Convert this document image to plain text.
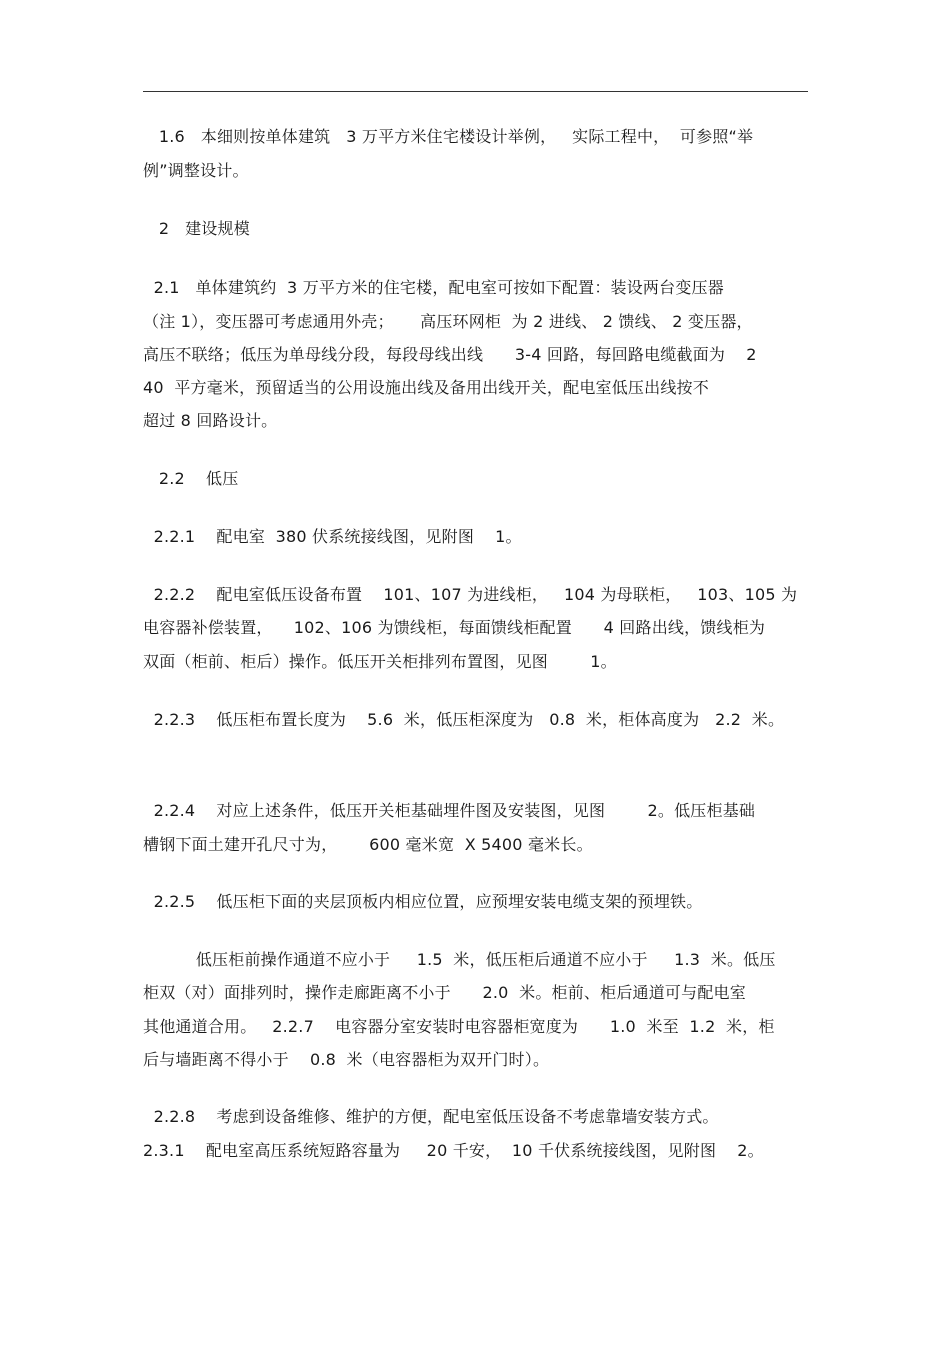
1.6   本细则按单体建筑   3 万平方米住宅楼设计举例，   实际工程中，  可参照“举
例”调整设计。
2   建设规模
2.1   单体建筑约  3 万平方米的住宅楼，配电室可按如下配置：装设两台变压器
（注 1），变压器可考虑通用外壳；     高压环网柜  为 2 进线、 2 馈线、 2 变压器，
高压不联络；低压为单母线分段，每段母线出线      3-4 回路，每回路电缆截面为    2
40  平方毫米，预留适当的公用设施出线及备用出线开关，配电室低压出线按不
超过 8 回路设计。
2.2    低压
2.2.1    配电室  380 伏系统接线图，见附图    1。
2.2.2    配电室低压设备布置    101、107 为进线柜，   104 为母联柜，   103、105 为
电容器补偿装置，    102、106 为馈线柜，每面馈线柜配置      4 回路出线，馈线柜为
双面（柜前、柜后）操作。低压开关柜排列布置图，见图        1。
2.2.3    低压柜布置长度为    5.6  米，低压柜深度为   0.8  米，柜体高度为   2.2  米。
2.2.4    对应上述条件，低压开关柜基础埋件图及安装图，见图        2。低压柜基础
槽钢下面土建开孔尺寸为，      600 毫米宽  X 5400 毫米长。
2.2.5    低压柜下面的夹层顶板内相应位置，应预埋安装电缆支架的预埋铁。
低压柜前操作通道不应小于     1.5  米，低压柜后通道不应小于     1.3  米。低压
柜双（对）面排列时，操作走廊距离不小于      2.0  米。柜前、柜后通道可与配电室
其他通道合用。   2.2.7    电容器分室安装时电容器柜宽度为      1.0  米至  1.2  米，柜
后与墙距离不得小于    0.8  米（电容器柜为双开门时）。
2.2.8    考虑到设备维修、维护的方便，配电室低压设备不考虑靠墙安装方式。
2.3.1    配电室高压系统短路容量为     20 千安，  10 千伏系统接线图，见附图    2。
